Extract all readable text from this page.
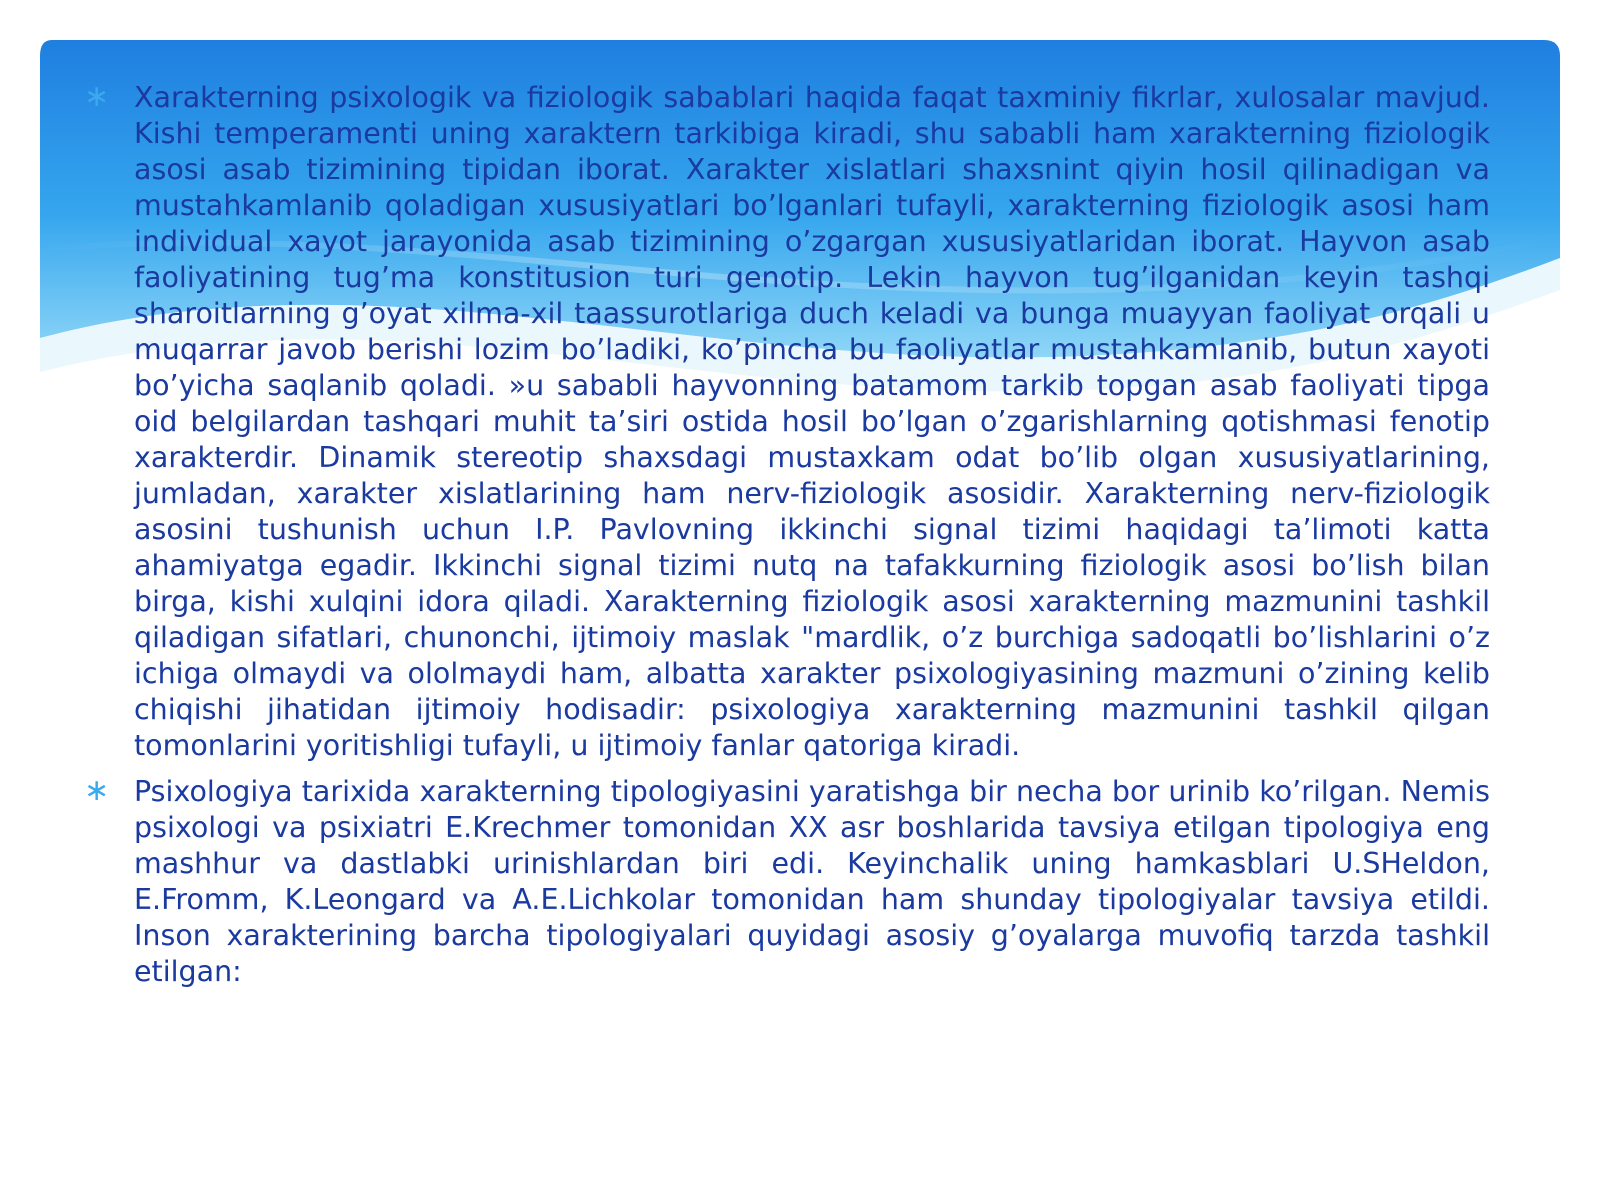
∗ Xarakterning psixologik va fiziologik sabablari haqida faqat taxminiy fikrlar, xulosalar mavjud. Kishi temperamenti uning xaraktern tarkibiga kiradi, shu sababli ham xarakterning fiziologik asosi asab tizimining tipidan iborat. Xarakter xislatlari shaxsnint qiyin hosil qilinadigan va mustahkamlanib qoladigan xususiyatlari bo’lganlari tufayli, xarakterning fiziologik asosi ham individual xayot jarayonida asab tizimining o’zgargan xususiyatlaridan iborat. Hayvon asab faoliyatining tug’ma konstitusion turi genotip. Lekin hayvon tug’ilganidan keyin tashqi sharoitlarning g’oyat xilma-xil taassurotlariga duch keladi va bunga muayyan faoliyat orqali u muqarrar javob berishi lozim bo’ladiki, ko’pincha bu faoliyatlar mustahkamlanib, butun xayoti bo’yicha saqlanib qoladi. »u sababli hayvonning batamom tarkib topgan asab faoliyati tipga oid belgilardan tashqari muhit ta’siri ostida hosil bo’lgan o’zgarishlarning qotishmasi fenotip xarakterdir. Dinamik stereotip shaxsdagi mustaxkam odat bo’lib olgan xususiyatlarining, jumladan, xarakter xislatlarining ham nerv-fiziologik asosidir. Xarakterning nerv-fiziologik asosini tushunish uchun I.P. Pavlovning ikkinchi signal tizimi haqidagi ta’limoti katta ahamiyatga egadir. Ikkinchi signal tizimi nutq na tafakkurning fiziologik asosi bo’lish bilan birga, kishi xulqini idora qiladi. Xarakterning fiziologik asosi xarakterning mazmunini tashkil qiladigan sifatlari, chunonchi, ijtimoiy maslak "mardlik, o’z burchiga sadoqatli bo’lishlarini o’z ichiga olmaydi va ololmaydi ham, albatta xarakter psixologiyasining mazmuni o’zining kelib chiqishi jihatidan ijtimoiy hodisadir: psixologiya xarakterning mazmunini tashkil qilgan tomonlarini yoritishligi tufayli, u ijtimoiy fanlar qatoriga kiradi.
∗ Psixologiya tarixida xarakterning tipologiyasini yaratishga bir necha bor urinib ko’rilgan. Nemis psixologi va psixiatri E.Krechmer tomonidan XX asr boshlarida tavsiya etilgan tipologiya eng mashhur va dastlabki urinishlardan biri edi. Keyinchalik uning hamkasblari U.SHeldon, E.Fromm, K.Leongard va A.E.Lichkolar tomonidan ham shunday tipologiyalar tavsiya etildi. Inson xarakterining barcha tipologiyalari quyidagi asosiy g’oyalarga muvofiq tarzda tashkil etilgan:
